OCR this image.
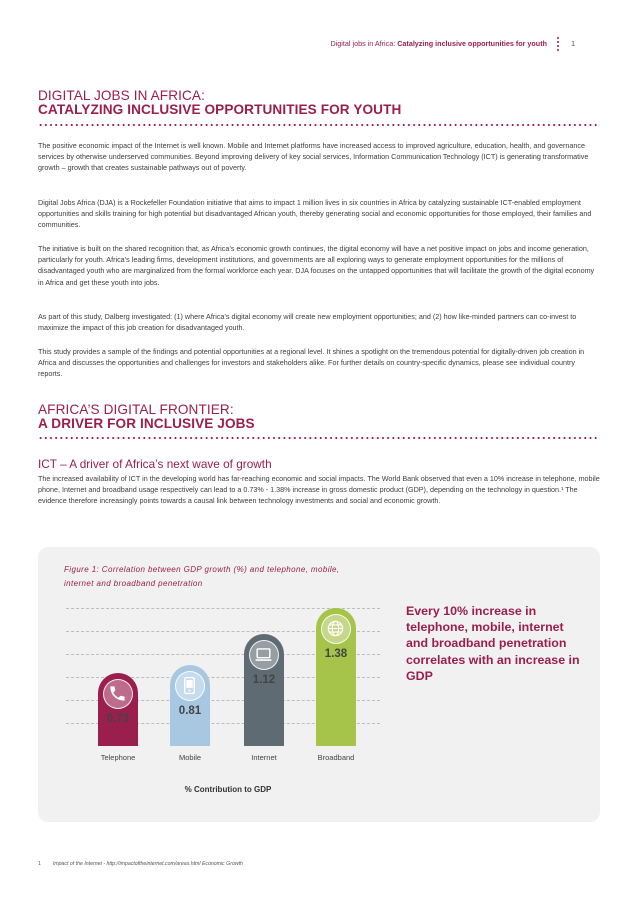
Digital jobs in Africa: Catalyzing inclusive opportunities for youth	1
DIGITAL JOBS IN AFRICA:
CATALYZING INCLUSIVE OPPORTUNITIES FOR YOUTH

The positive economic impact of the Internet is well known. Mobile and Internet platforms have increased access to improved agriculture, education, health, and governance services by otherwise underserved communities. Beyond improving delivery of key social services, Information Communication Technology (ICT) is generating transformative growth – growth that creates sustainable pathways out of poverty.

Digital Jobs Africa (DJA) is a Rockefeller Foundation initiative that aims to impact 1 million lives in six countries in Africa by catalyzing sustainable ICT-enabled employment opportunities and skills training for high potential but disadvantaged African youth, thereby generating social and economic opportunities for those employed, their families and communities.

The initiative is built on the shared recognition that, as Africa’s economic growth continues, the digital economy will have a net positive impact on jobs and income generation, particularly for youth. Africa’s leading firms, development institutions, and governments are all exploring ways to generate employment opportunities for the millions of disadvantaged youth who are marginalized from the formal workforce each year. DJA focuses on the untapped opportunities that will facilitate the growth of the digital economy in Africa and get these youth into jobs.

As part of this study, Dalberg investigated: (1) where Africa’s digital economy will create new employment opportunities; and (2) how like-minded partners can co-invest to maximize the impact of this job creation for disadvantaged youth.

This study provides a sample of the findings and potential opportunities at a regional level. It shines a spotlight on the tremendous potential for digitally-driven job creation in Africa and discusses the opportunities and challenges for investors and stakeholders alike. For further details on country-specific dynamics, please see individual country reports.

AFRICA’S DIGITAL FRONTIER:
A DRIVER FOR INCLUSIVE JOBS
ICT – A driver of Africa’s next wave of growth

The increased availability of ICT in the developing world has far-reaching economic and social impacts. The World Bank observed that even a 10% increase in telephone, mobile phone, Internet and broadband usage respectively can lead to a 0.73% - 1.38% increase in gross domestic product (GDP), depending on the technology in question.¹ The evidence therefore increasingly points towards a causal link between technology investments and social and economic growth.

Figure 1: Correlation between GDP growth (%) and telephone, mobile, internet and broadband penetration
% Contribution to GDP
Every 10% increase in telephone, mobile, internet and broadband penetration correlates with an increase in GDP
0.73
Telephone
0.81
Mobile
1.12
Internet
1.38
Broadband
1 Impact of the Internet - http://impactoftheinternet.com/areas.html Economic Growth
